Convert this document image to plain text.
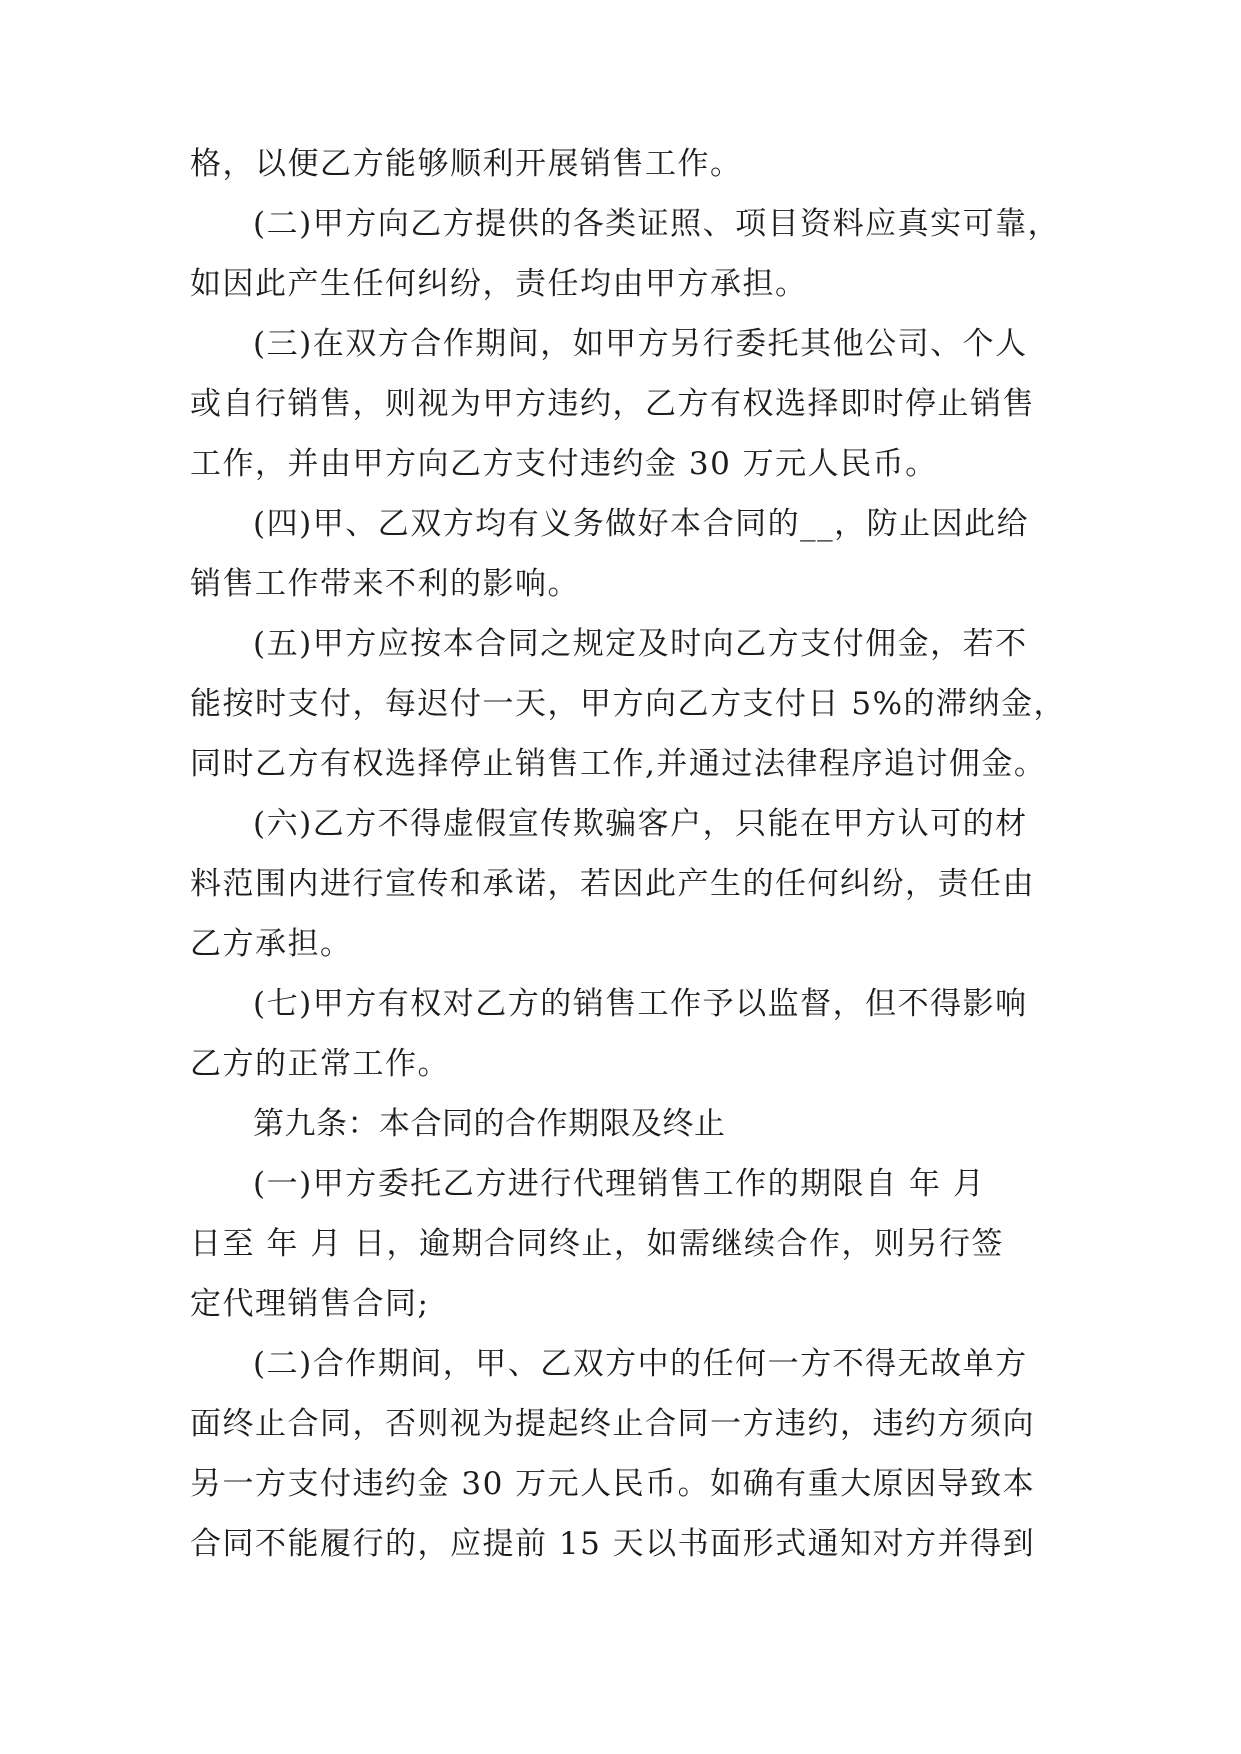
格，以便乙方能够顺利开展销售工作。

(二)甲方向乙方提供的各类证照、项目资料应真实可靠，

如因此产生任何纠纷，责任均由甲方承担。

(三)在双方合作期间，如甲方另行委托其他公司、个人

或自行销售，则视为甲方违约，乙方有权选择即时停止销售

工作，并由甲方向乙方支付违约金 30 万元人民币。

(四)甲、乙双方均有义务做好本合同的__，防止因此给

销售工作带来不利的影响。

(五)甲方应按本合同之规定及时向乙方支付佣金，若不

能按时支付，每迟付一天，甲方向乙方支付日 5%的滞纳金，

同时乙方有权选择停止销售工作,并通过法律程序追讨佣金。

(六)乙方不得虚假宣传欺骗客户，只能在甲方认可的材

料范围内进行宣传和承诺，若因此产生的任何纠纷，责任由

乙方承担。

(七)甲方有权对乙方的销售工作予以监督，但不得影响

乙方的正常工作。

第九条：本合同的合作期限及终止

(一)甲方委托乙方进行代理销售工作的期限自 年 月

日至 年 月 日，逾期合同终止，如需继续合作，则另行签

定代理销售合同;

(二)合作期间，甲、乙双方中的任何一方不得无故单方

面终止合同，否则视为提起终止合同一方违约，违约方须向

另一方支付违约金 30 万元人民币。如确有重大原因导致本

合同不能履行的，应提前 15 天以书面形式通知对方并得到
